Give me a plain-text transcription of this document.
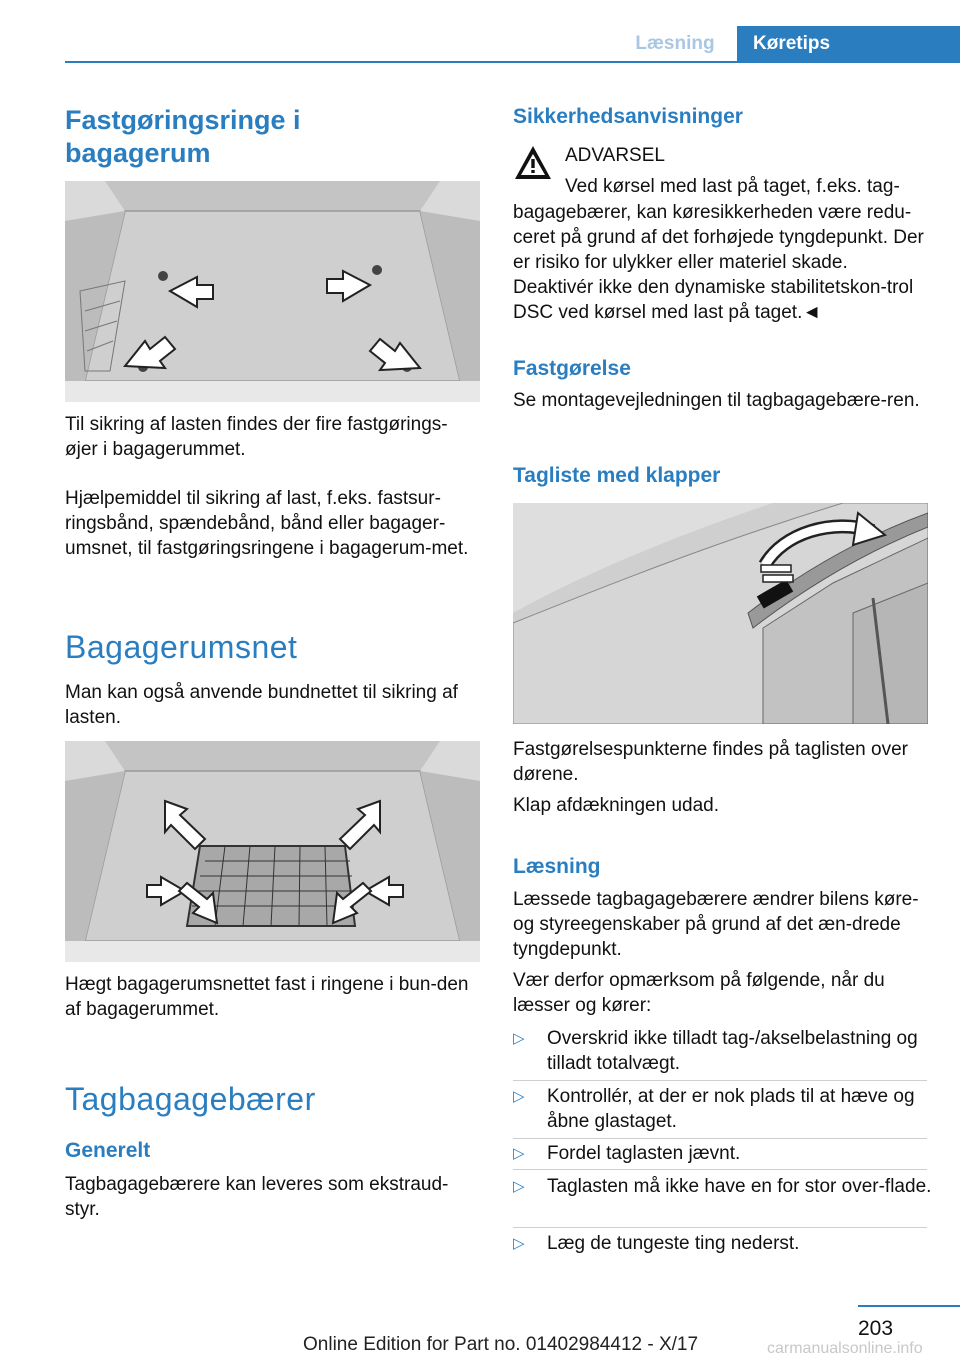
Læsning	Køretips
Fastgøringsringe i bagagerum

Til sikring af lasten findes der fire fastgørings‐øjer i bagagerummet.

Hjælpemiddel til sikring af last, f.eks. fastsur‐ringsbånd, spændebånd, bånd eller bagager‐umsnet, til fastgøringsringene i bagagerum‐met.

Bagagerumsnet

Man kan også anvende bundnettet til sikring af lasten.

Hægt bagagerumsnettet fast i ringene i bun‐den af bagagerummet.

Tagbagagebærer
Generelt

Tagbagagebærere kan leveres som ekstraud‐styr.

Sikkerhedsanvisninger

ADVARSEL

Ved kørsel med last på taget, f.eks. tag‐

bagagebærer, kan køresikkerheden være redu‐ceret på grund af det forhøjede tyngdepunkt. Der er risiko for ulykker eller materiel skade. Deaktivér ikke den dynamiske stabilitetskon‐trol DSC ved kørsel med last på taget.◄

Fastgørelse

Se montagevejledningen til tagbagagebære‐ren.

Tagliste med klapper

Fastgørelsespunkterne findes på taglisten over dørene.

Klap afdækningen udad.

Læsning

Læssede tagbagagebærere ændrer bilens køre- og styreegenskaber på grund af det æn‐drede tyngdepunkt.

Vær derfor opmærksom på følgende, når du læsser og kører:

▷ Overskrid ikke tilladt tag-/akselbelastning og tilladt totalvægt.
▷ Kontrollér, at der er nok plads til at hæve og åbne glastaget.
▷ Fordel taglasten jævnt.
▷ Taglasten må ikke have en for stor over‐flade.
▷ Læg de tungeste ting nederst.
203
Online Edition for Part no. 01402984412 - X/17	carmanualsonline.info
